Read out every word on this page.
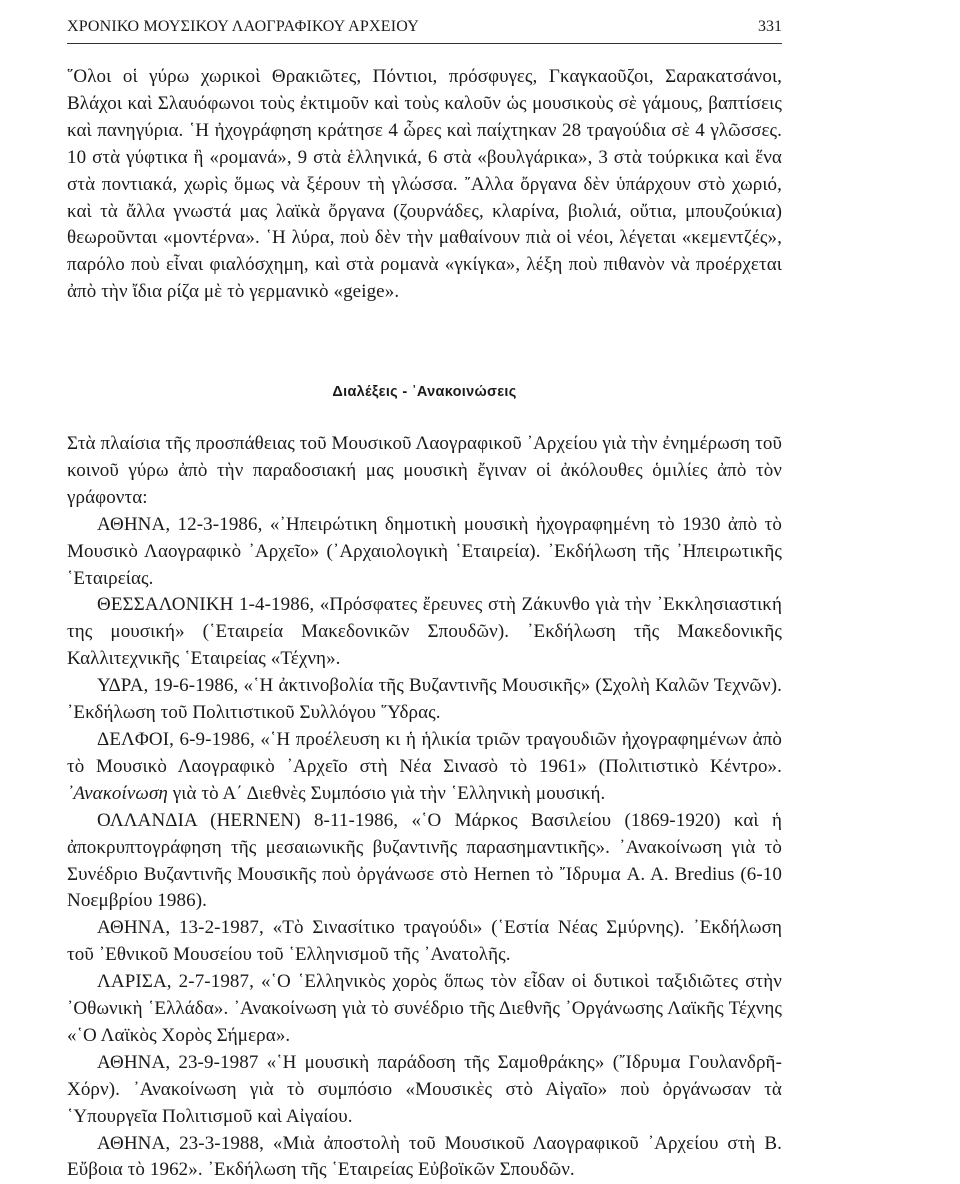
ΧΡΟΝΙΚΟ ΜΟΥΣΙΚΟΥ ΛΑΟΓΡΑΦΙΚΟΥ ΑΡΧΕΙΟΥ	331

῞Ολοι οἱ γύρω χωρικοὶ Θρακιῶτες, Πόντιοι, πρόσφυγες, Γκαγκαοῦζοι, Σαρακατσάνοι, Βλάχοι καὶ Σλαυόφωνοι τοὺς ἐκτιμοῦν καὶ τοὺς καλοῦν ὡς μουσικοὺς σὲ γάμους, βαπτίσεις καὶ πανηγύρια. ῾Η ἠχογράφηση κράτησε 4 ὧρες καὶ παίχτηκαν 28 τραγούδια σὲ 4 γλῶσσες. 10 στὰ γύφτικα ἢ «ρομανά», 9 στὰ ἑλληνικά, 6 στὰ «βουλγάρικα», 3 στὰ τούρκικα καὶ ἕνα στὰ ποντιακά, χωρὶς ὅμως νὰ ξέρουν τὴ γλώσσα. ῎Αλλα ὄργανα δὲν ὑπάρχουν στὸ χωριό, καὶ τὰ ἄλλα γνωστά μας λαϊκὰ ὄργανα (ζουρνάδες, κλαρίνα, βιολιά, οὔτια, μπουζούκια) θεωροῦνται «μοντέρνα». ῾Η λύρα, ποὺ δὲν τὴν μαθαίνουν πιὰ οἱ νέοι, λέγεται «κεμεντζές», παρόλο ποὺ εἶναι φιαλόσχημη, καὶ στὰ ρομανὰ «γκίγκα», λέξη ποὺ πιθανὸν νὰ προέρχεται ἀπὸ τὴν ἴδια ρίζα μὲ τὸ γερμανικὸ «geige».

Διαλέξεις - ᾿Ανακοινώσεις

Στὰ πλαίσια τῆς προσπάθειας τοῦ Μουσικοῦ Λαογραφικοῦ ᾿Αρχείου γιὰ τὴν ἐνημέρωση τοῦ κοινοῦ γύρω ἀπὸ τὴν παραδοσιακή μας μουσικὴ ἔγιναν οἱ ἀκόλουθες ὁμιλίες ἀπὸ τὸν γράφοντα:

ΑΘΗΝΑ, 12-3-1986, «᾿Ηπειρώτικη δημοτικὴ μουσικὴ ἠχογραφημένη τὸ 1930 ἀπὸ τὸ Μουσικὸ Λαογραφικὸ ᾿Αρχεῖο» (᾿Αρχαιολογικὴ ῾Εταιρεία). ᾿Εκδήλωση τῆς ᾿Ηπειρωτικῆς ῾Εταιρείας.

ΘΕΣΣΑΛΟΝΙΚΗ 1-4-1986, «Πρόσφατες ἔρευνες στὴ Ζάκυνθο γιὰ τὴν ᾿Εκκλησιαστική της μουσική» (῾Εταιρεία Μακεδονικῶν Σπουδῶν). ᾿Εκδήλωση τῆς Μακεδονικῆς Καλλιτεχνικῆς ῾Εταιρείας «Τέχνη».

ΥΔΡΑ, 19-6-1986, «῾Η ἀκτινοβολία τῆς Βυζαντινῆς Μουσικῆς» (Σχολὴ Καλῶν Τεχνῶν). ᾿Εκδήλωση τοῦ Πολιτιστικοῦ Συλλόγου ῞Υδρας.

ΔΕΛΦΟΙ, 6-9-1986, «῾Η προέλευση κι ἡ ἡλικία τριῶν τραγουδιῶν ἠχογραφημένων ἀπὸ τὸ Μουσικὸ Λαογραφικὸ ᾿Αρχεῖο στὴ Νέα Σινασὸ τὸ 1961» (Πολιτιστικὸ Κέντρο». ᾿Ανακοίνωση γιὰ τὸ Α΄ Διεθνὲς Συμπόσιο γιὰ τὴν ῾Ελληνικὴ μουσική.

ΟΛΛΑΝΔΙΑ (HERNEN) 8-11-1986, «῾Ο Μάρκος Βασιλείου (1869-1920) καὶ ἡ ἀποκρυπτογράφηση τῆς μεσαιωνικῆς βυζαντινῆς παρασημαντικῆς». ᾿Ανακοίνωση γιὰ τὸ Συνέδριο Βυζαντινῆς Μουσικῆς ποὺ ὀργάνωσε στὸ Hernen τὸ ῎Ιδρυμα A. A. Bredius (6-10 Νοεμβρίου 1986).

ΑΘΗΝΑ, 13-2-1987, «Τὸ Σινασίτικο τραγούδι» (῾Εστία Νέας Σμύρνης). ᾿Εκδήλωση τοῦ ᾿Εθνικοῦ Μουσείου τοῦ ῾Ελληνισμοῦ τῆς ᾿Ανατολῆς.

ΛΑΡΙΣΑ, 2-7-1987, «῾Ο ῾Ελληνικὸς χορὸς ὅπως τὸν εἶδαν οἱ δυτικοὶ ταξιδιῶτες στὴν ᾿Οθωνικὴ ῾Ελλάδα». ᾿Ανακοίνωση γιὰ τὸ συνέδριο τῆς Διεθνῆς ᾿Οργάνωσης Λαϊκῆς Τέχνης «῾Ο Λαϊκὸς Χορὸς Σήμερα».

ΑΘΗΝΑ, 23-9-1987 «῾Η μουσικὴ παράδοση τῆς Σαμοθράκης» (῎Ιδρυμα Γουλανδρῆ-Χόρν). ᾿Ανακοίνωση γιὰ τὸ συμπόσιο «Μουσικὲς στὸ Αἰγαῖο» ποὺ ὀργάνωσαν τὰ ῾Υπουργεῖα Πολιτισμοῦ καὶ Αἰγαίου.

ΑΘΗΝΑ, 23-3-1988, «Μιὰ ἀποστολὴ τοῦ Μουσικοῦ Λαογραφικοῦ ᾿Αρχείου στὴ Β. Εὔβοια τὸ 1962». ᾿Εκδήλωση τῆς ῾Εταιρείας Εὐβοϊκῶν Σπουδῶν.
